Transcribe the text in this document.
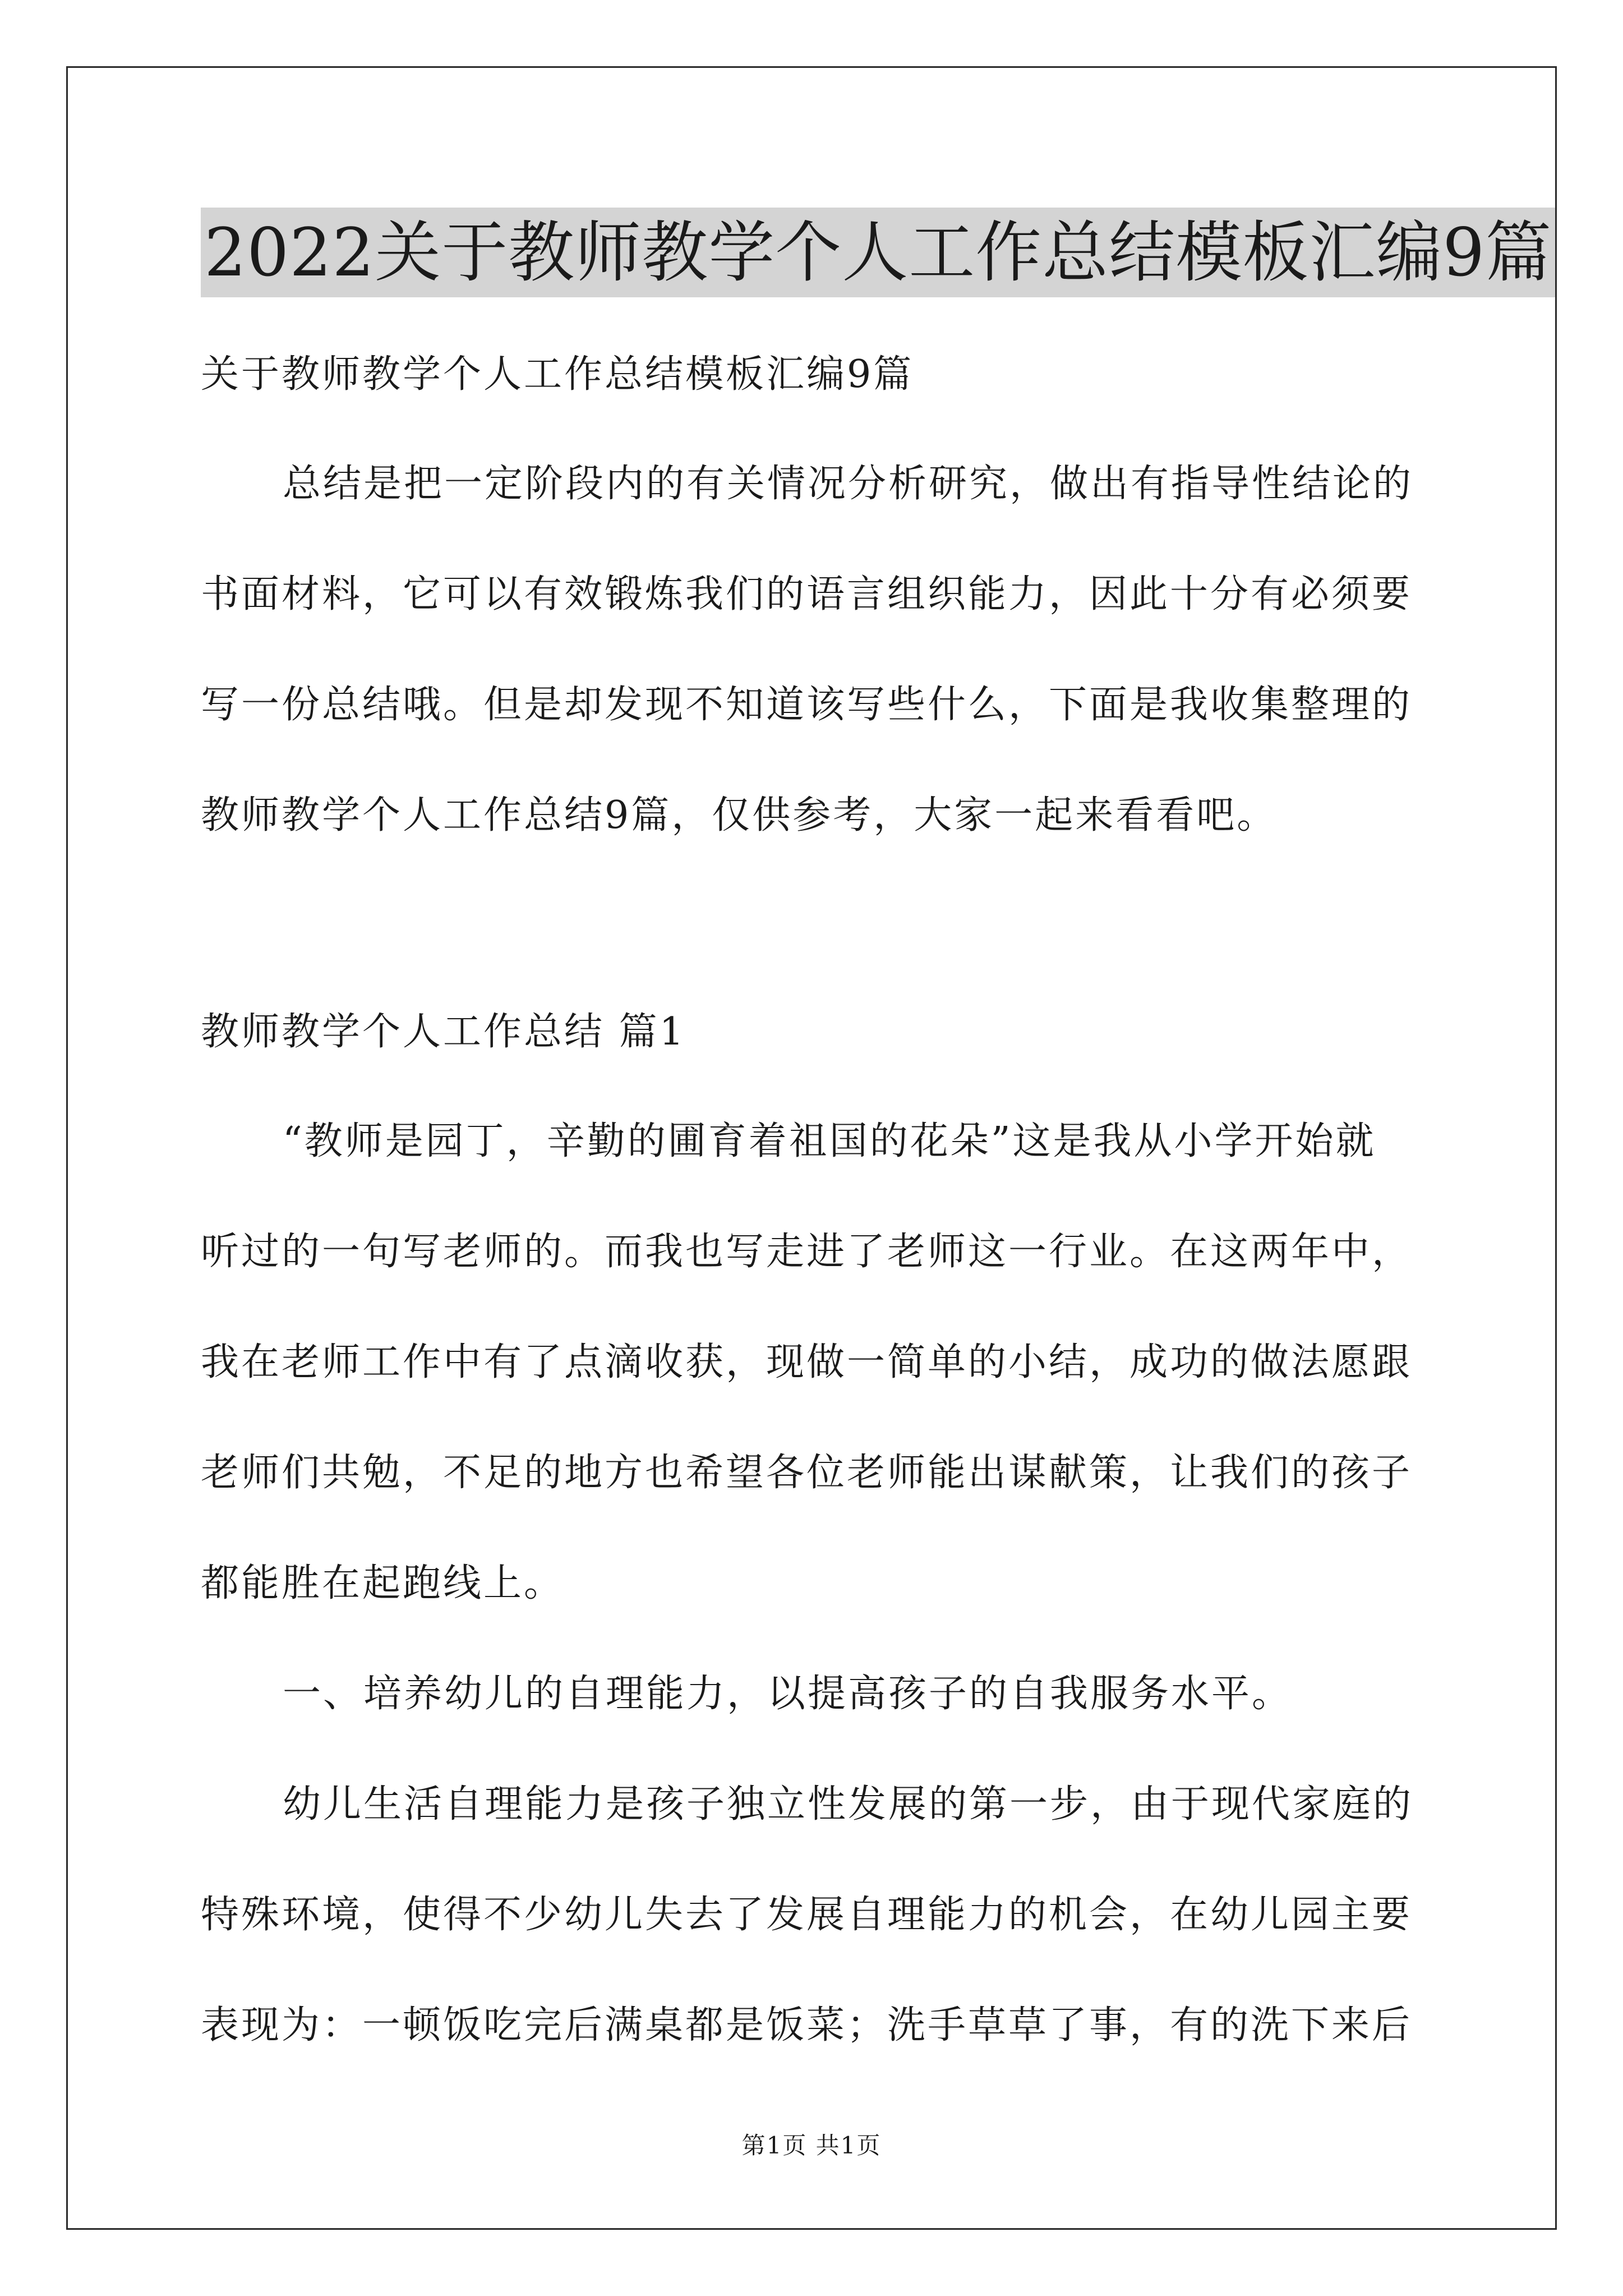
2022关于教师教学个人工作总结模板汇编9篇
关于教师教学个人工作总结模板汇编9篇
总结是把一定阶段内的有关情况分析研究，做出有指导性结论的
书面材料，它可以有效锻炼我们的语言组织能力，因此十分有必须要
写一份总结哦。但是却发现不知道该写些什么，下面是我收集整理的
教师教学个人工作总结9篇，仅供参考，大家一起来看看吧。
教师教学个人工作总结 篇1
“教师是园丁，辛勤的圃育着祖国的花朵”这是我从小学开始就
听过的一句写老师的。而我也写走进了老师这一行业。在这两年中，
我在老师工作中有了点滴收获，现做一简单的小结，成功的做法愿跟
老师们共勉，不足的地方也希望各位老师能出谋献策，让我们的孩子
都能胜在起跑线上。
一、培养幼儿的自理能力，以提高孩子的自我服务水平。
幼儿生活自理能力是孩子独立性发展的第一步，由于现代家庭的
特殊环境，使得不少幼儿失去了发展自理能力的机会，在幼儿园主要
表现为：一顿饭吃完后满桌都是饭菜；洗手草草了事，有的洗下来后
第1页 共1页
